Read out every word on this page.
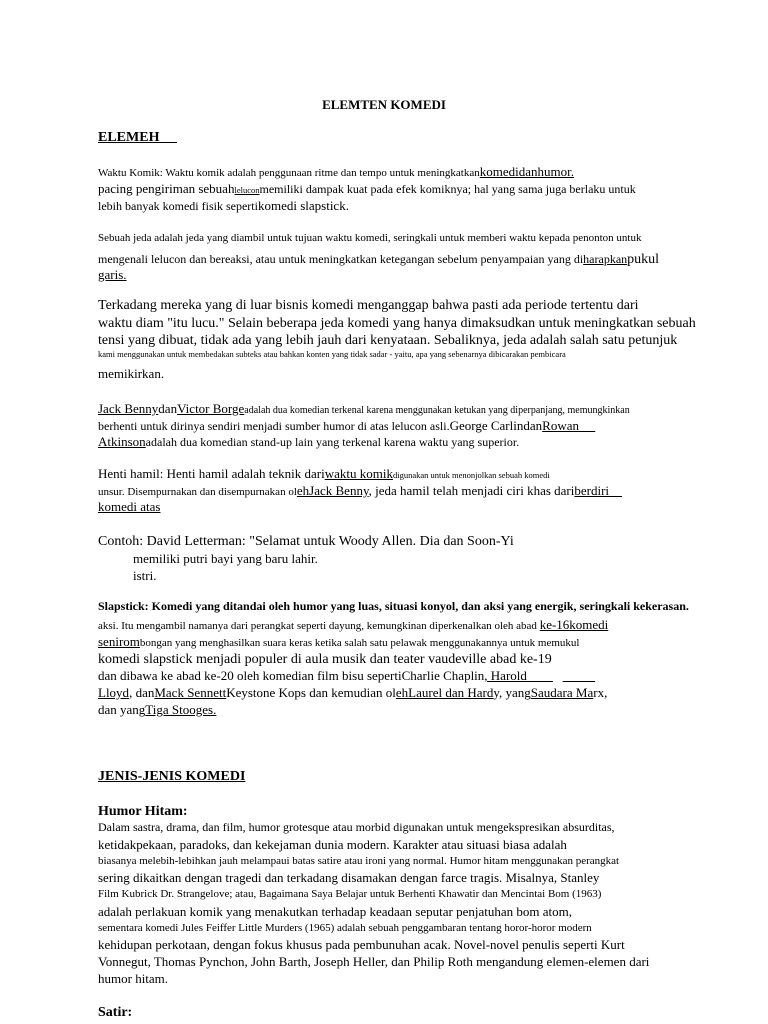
ELEMTEN KOMEDI
ELEMEH
Waktu Komik: Waktu komik adalah penggunaan ritme dan tempo untuk meningkatkankomedidanhumor.
pacing pengiriman sebuahleluconmemiliki dampak kuat pada efek komiknya; hal yang sama juga berlaku untuk
lebih banyak komedi fisik sepertikomedi slapstick.
Sebuah jeda adalah jeda yang diambil untuk tujuan waktu komedi, seringkali untuk memberi waktu kepada penonton untuk
mengenali lelucon dan bereaksi, atau untuk meningkatkan ketegangan sebelum penyampaian yang diharapkanpukul
garis.
Terkadang mereka yang di luar bisnis komedi menganggap bahwa pasti ada periode tertentu dari
waktu diam "itu lucu." Selain beberapa jeda komedi yang hanya dimaksudkan untuk meningkatkan sebuah
tensi yang dibuat, tidak ada yang lebih jauh dari kenyataan. Sebaliknya, jeda adalah salah satu petunjuk
kami menggunakan untuk membedakan subteks atau bahkan konten yang tidak sadar - yaitu, apa yang sebenarnya dibicarakan pembicara
memikirkan.
Jack BennydanVictor Borgeadalah dua komedian terkenal karena menggunakan ketukan yang diperpanjang, memungkinkan
berhenti untuk dirinya sendiri menjadi sumber humor di atas lelucon asli.George CarlindanRowan
Atkinsonadalah dua komedian stand-up lain yang terkenal karena waktu yang superior.
Henti hamil: Henti hamil adalah teknik dariwaktu komikdigunakan untuk menonjolkan sebuah komedi
unsur. Disempurnakan dan disempurnakan olehJack Benny, jeda hamil telah menjadi ciri khas dariberdiri
komedi atas
Contoh: David Letterman: "Selamat untuk Woody Allen. Dia dan Soon-Yi
memiliki putri bayi yang baru lahir.
istri.
Slapstick: Komedi yang ditandai oleh humor yang luas, situasi konyol, dan aksi yang energik, seringkali kekerasan.
aksi. Itu mengambil namanya dari perangkat seperti dayung, kemungkinan diperkenalkan oleh abad ke-16komedi
senirombongan yang menghasilkan suara keras ketika salah satu pelawak menggunakannya untuk memukul
komedi slapstick menjadi populer di aula musik dan teater vaudeville abad ke-19
dan dibawa ke abad ke-20 oleh komedian film bisu sepertiCharlie Chaplin, Harold
Lloyd, danMack SennettKeystone Kops dan kemudian olehLaurel dan Hardy, yangSaudara Marx,
dan yangTiga Stooges.
JENIS-JENIS KOMEDI
Humor Hitam:
Dalam sastra, drama, dan film, humor grotesque atau morbid digunakan untuk mengekspresikan absurditas,
ketidakpekaan, paradoks, dan kekejaman dunia modern. Karakter atau situasi biasa adalah
biasanya melebih-lebihkan jauh melampaui batas satire atau ironi yang normal. Humor hitam menggunakan perangkat
sering dikaitkan dengan tragedi dan terkadang disamakan dengan farce tragis. Misalnya, Stanley
Film Kubrick Dr. Strangelove; atau, Bagaimana Saya Belajar untuk Berhenti Khawatir dan Mencintai Bom (1963)
adalah perlakuan komik yang menakutkan terhadap keadaan seputar penjatuhan bom atom,
sementara komedi Jules Feiffer Little Murders (1965) adalah sebuah penggambaran tentang horor-horor modern
kehidupan perkotaan, dengan fokus khusus pada pembunuhan acak. Novel-novel penulis seperti Kurt
Vonnegut, Thomas Pynchon, John Barth, Joseph Heller, dan Philip Roth mengandung elemen-elemen dari
humor hitam.
Satir:
